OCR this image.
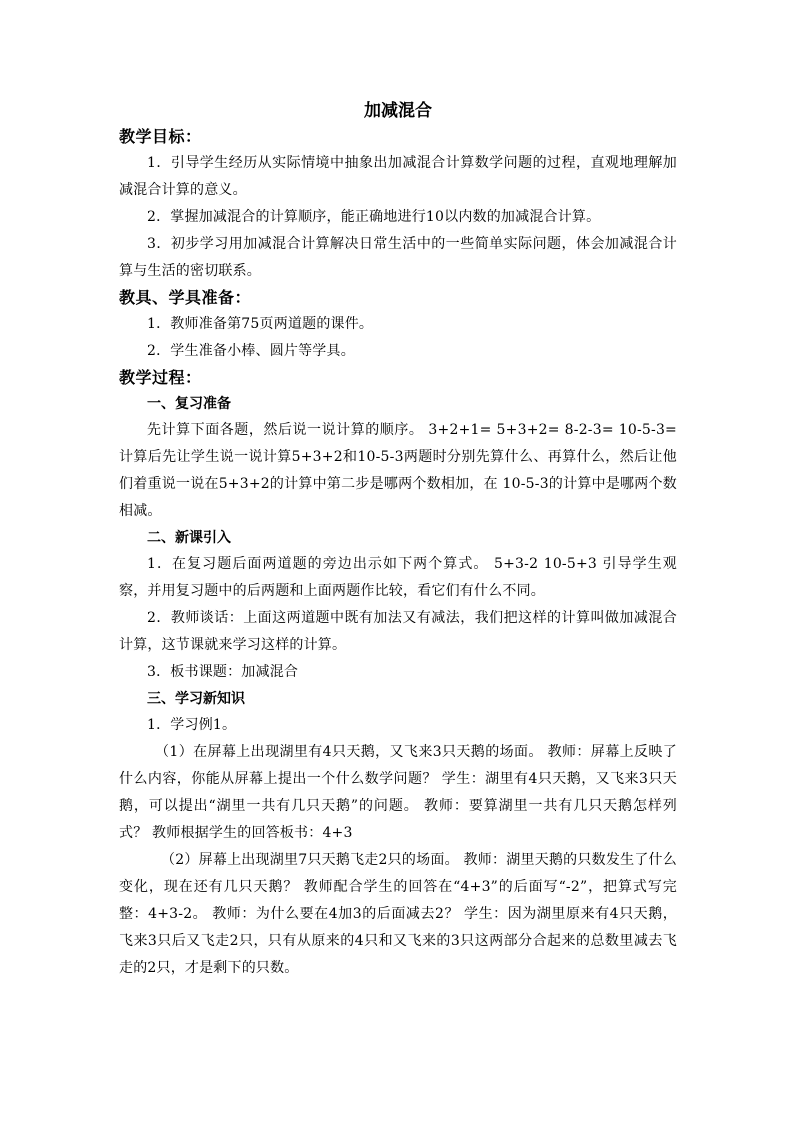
加减混合

教学目标：

1．引导学生经历从实际情境中抽象出加减混合计算数学问题的过程，直观地理解加减混合计算的意义。

2．掌握加减混合的计算顺序，能正确地进行10以内数的加减混合计算。

3．初步学习用加减混合计算解决日常生活中的一些简单实际问题，体会加减混合计算与生活的密切联系。

教具、学具准备：

1．教师准备第75页两道题的课件。

2．学生准备小棒、圆片等学具。

教学过程：

一、复习准备

先计算下面各题，然后说一说计算的顺序。 3+2+1= 5+3+2= 8-2-3= 10-5-3= 计算后先让学生说一说计算5+3+2和10-5-3两题时分别先算什么、再算什么，然后让他们着重说一说在5+3+2的计算中第二步是哪两个数相加，在 10-5-3的计算中是哪两个数相减。

二、新课引入

1．在复习题后面两道题的旁边出示如下两个算式。 5+3-2 10-5+3 引导学生观察，并用复习题中的后两题和上面两题作比较，看它们有什么不同。

2．教师谈话：上面这两道题中既有加法又有减法，我们把这样的计算叫做加减混合计算，这节课就来学习这样的计算。

3．板书课题：加减混合

三、学习新知识

1．学习例1。

（1）在屏幕上出现湖里有4只天鹅，又飞来3只天鹅的场面。 教师：屏幕上反映了什么内容，你能从屏幕上提出一个什么数学问题？ 学生：湖里有4只天鹅，又飞来3只天鹅，可以提出“湖里一共有几只天鹅”的问题。 教师：要算湖里一共有几只天鹅怎样列式？ 教师根据学生的回答板书：4+3

（2）屏幕上出现湖里7只天鹅飞走2只的场面。 教师：湖里天鹅的只数发生了什么变化，现在还有几只天鹅？ 教师配合学生的回答在“4+3”的后面写“-2”，把算式写完整：4+3-2。 教师：为什么要在4加3的后面减去2？ 学生：因为湖里原来有4只天鹅，飞来3只后又飞走2只，只有从原来的4只和又飞来的3只这两部分合起来的总数里减去飞走的2只，才是剩下的只数。
